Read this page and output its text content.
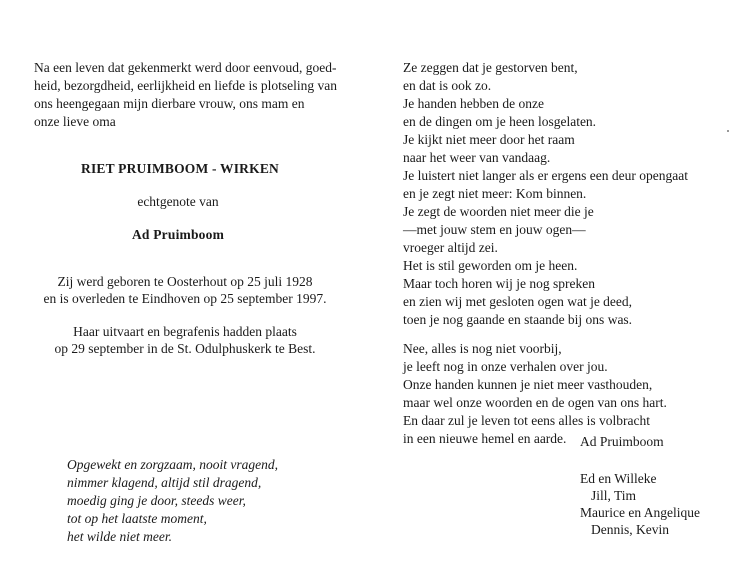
Na een leven dat gekenmerkt werd door eenvoud, goed-
heid, bezorgdheid, eerlijkheid en liefde is plotseling van
ons heengegaan mijn dierbare vrouw, ons mam en
onze lieve oma
RIET PRUIMBOOM - WIRKEN
echtgenote van
Ad Pruimboom
Zij werd geboren te Oosterhout op 25 juli 1928
en is overleden te Eindhoven op 25 september 1997.
Haar uitvaart en begrafenis hadden plaats
op 29 september in de St. Odulphuskerk te Best.
Opgewekt en zorgzaam, nooit vragend,
nimmer klagend, altijd stil dragend,
moedig ging je door, steeds weer,
tot op het laatste moment,
het wilde niet meer.
Ze zeggen dat je gestorven bent,
en dat is ook zo.
Je handen hebben de onze
en de dingen om je heen losgelaten.
Je kijkt niet meer door het raam
naar het weer van vandaag.
Je luistert niet langer als er ergens een deur opengaat
en je zegt niet meer: Kom binnen.
Je zegt de woorden niet meer die je
—met jouw stem en jouw ogen—
vroeger altijd zei.
Het is stil geworden om je heen.
Maar toch horen wij je nog spreken
en zien wij met gesloten ogen wat je deed,
toen je nog gaande en staande bij ons was.
Nee, alles is nog niet voorbij,
je leeft nog in onze verhalen over jou.
Onze handen kunnen je niet meer vasthouden,
maar wel onze woorden en de ogen van ons hart.
En daar zul je leven tot eens alles is volbracht
in een nieuwe hemel en aarde. Ad Pruimboom
Ed en Willeke
Jill, Tim
Maurice en Angelique
Dennis, Kevin
